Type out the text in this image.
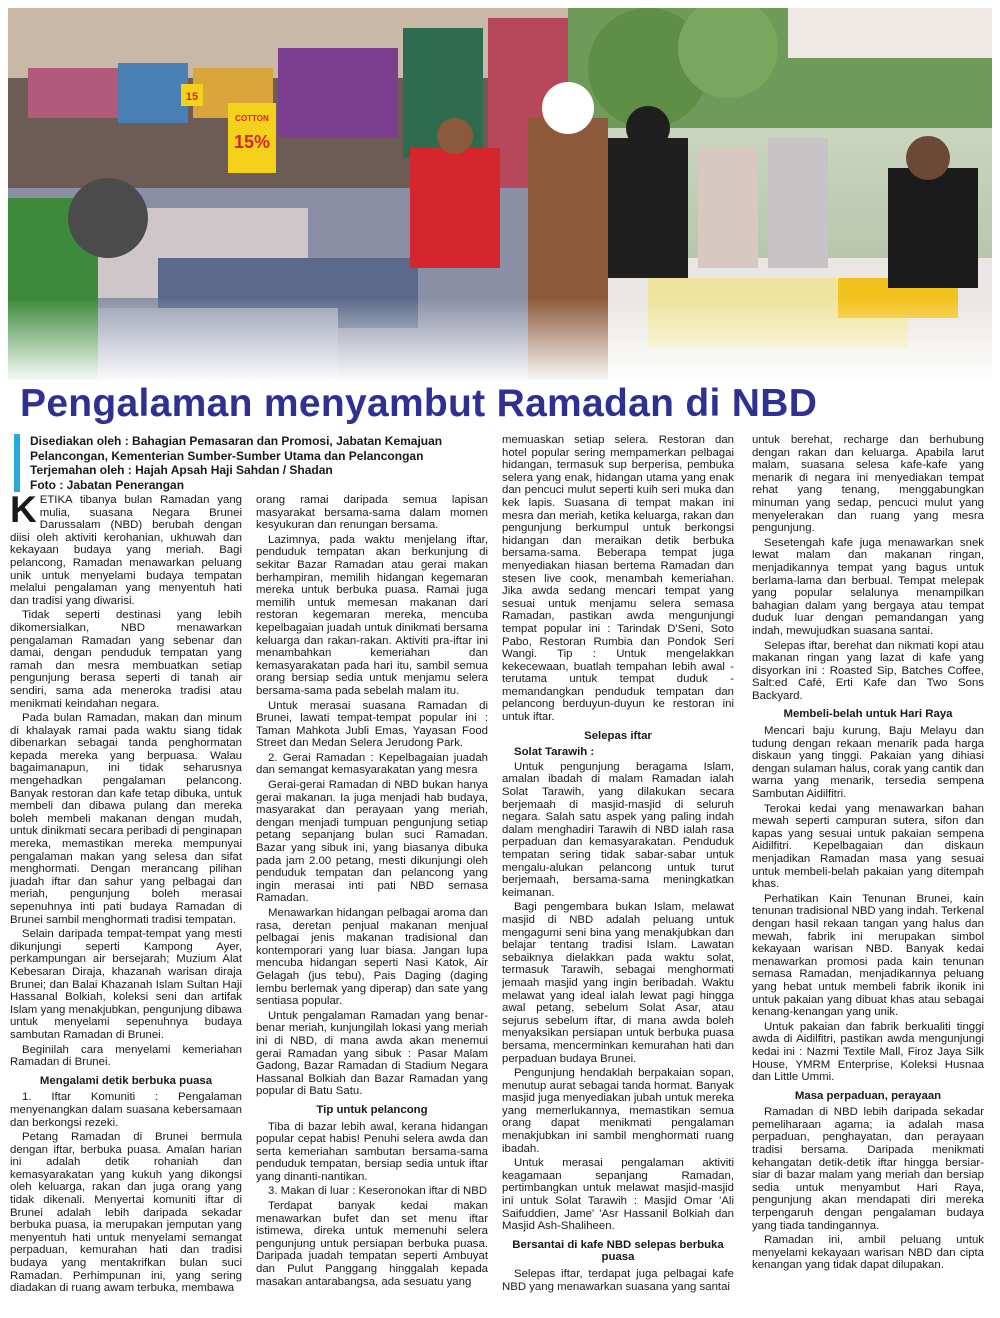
15%
COTTON
15
Pengalaman menyambut Ramadan di NBD
Disediakan oleh : Bahagian Pemasaran dan Promosi, Jabatan Kemajuan
Pelancongan, Kementerian Sumber-Sumber Utama dan Pelancongan
Terjemahan oleh : Hajah Apsah Haji Sahdan / Shadan
Foto : Jabatan Penerangan

KETIKA tibanya bulan Ramadan yang mulia, suasana Negara Brunei Darussalam (NBD) berubah dengan diisi oleh aktiviti kerohanian, ukhuwah dan kekayaan budaya yang meriah. Bagi pelancong, Ramadan menawarkan peluang unik untuk menyelami budaya tempatan melalui pengalaman yang menyentuh hati dan tradisi yang diwarisi.

Tidak seperti destinasi yang lebih dikomersialkan, NBD menawarkan pengalaman Ramadan yang sebenar dan damai, dengan penduduk tempatan yang ramah dan mesra membuatkan setiap pengunjung berasa seperti di tanah air sendiri, sama ada meneroka tradisi atau menikmati keindahan negara.

Pada bulan Ramadan, makan dan minum di khalayak ramai pada waktu siang tidak dibenarkan sebagai tanda penghormatan kepada mereka yang berpuasa. Walau bagaimanapun, ini tidak seharusnya mengehadkan pengalaman pelancong. Banyak restoran dan kafe tetap dibuka, untuk membeli dan dibawa pulang dan mereka boleh membeli makanan dengan mudah, untuk dinikmati secara peribadi di penginapan mereka, memastikan mereka mempunyai pengalaman makan yang selesa dan sifat menghormati. Dengan merancang pilihan juadah iftar dan sahur yang pelbagai dan meriah, pengunjung boleh merasai sepenuhnya inti pati budaya Ramadan di Brunei sambil menghormati tradisi tempatan.

Selain daripada tempat-tempat yang mesti dikunjungi seperti Kampong Ayer, perkampungan air bersejarah; Muzium Alat Kebesaran Diraja, khazanah warisan diraja Brunei; dan Balai Khazanah Islam Sultan Haji Hassanal Bolkiah, koleksi seni dan artifak Islam yang menakjubkan, pengunjung dibawa untuk menyelami sepenuhnya budaya sambutan Ramadan di Brunei.

Beginilah cara menyelami kemeriahan Ramadan di Brunei.

Mengalami detik berbuka puasa

1. Iftar Komuniti : Pengalaman menyenangkan dalam suasana kebersamaan dan berkongsi rezeki.

Petang Ramadan di Brunei bermula dengan iftar, berbuka puasa. Amalan harian ini adalah detik rohaniah dan kemasyarakatan yang kukuh yang dikongsi oleh keluarga, rakan dan juga orang yang tidak dikenali. Menyertai komuniti iftar di Brunei adalah lebih daripada sekadar berbuka puasa, ia merupakan jemputan yang menyentuh hati untuk menyelami semangat perpaduan, kemurahan hati dan tradisi budaya yang mentakrifkan bulan suci Ramadan. Perhimpunan ini, yang sering diadakan di ruang awam terbuka, membawa

orang ramai daripada semua lapisan masyarakat bersama-sama dalam momen kesyukuran dan renungan bersama.

Lazimnya, pada waktu menjelang iftar, penduduk tempatan akan berkunjung di sekitar Bazar Ramadan atau gerai makan berhampiran, memilih hidangan kegemaran mereka untuk berbuka puasa. Ramai juga memilih untuk memesan makanan dari restoran kegemaran mereka, mencuba kepelbagaian juadah untuk dinikmati bersama keluarga dan rakan-rakan. Aktiviti pra-iftar ini menambahkan kemeriahan dan kemasyarakatan pada hari itu, sambil semua orang bersiap sedia untuk menjamu selera bersama-sama pada sebelah malam itu.

Untuk merasai suasana Ramadan di Brunei, lawati tempat-tempat popular ini : Taman Mahkota Jubli Emas, Yayasan Food Street dan Medan Selera Jerudong Park.

2. Gerai Ramadan : Kepelbagaian juadah dan semangat kemasyarakatan yang mesra

Gerai-gerai Ramadan di NBD bukan hanya gerai makanan. Ia juga menjadi hab budaya, masyarakat dan perayaan yang meriah, dengan menjadi tumpuan pengunjung setiap petang sepanjang bulan suci Ramadan. Bazar yang sibuk ini, yang biasanya dibuka pada jam 2.00 petang, mesti dikunjungi oleh penduduk tempatan dan pelancong yang ingin merasai inti pati NBD semasa Ramadan.

Menawarkan hidangan pelbagai aroma dan rasa, deretan penjual makanan menjual pelbagai jenis makanan tradisional dan kontemporari yang luar biasa. Jangan lupa mencuba hidangan seperti Nasi Katok, Air Gelagah (jus tebu), Pais Daging (daging lembu berlemak yang diperap) dan sate yang sentiasa popular.

Untuk pengalaman Ramadan yang benar-benar meriah, kunjungilah lokasi yang meriah ini di NBD, di mana awda akan menemui gerai Ramadan yang sibuk : Pasar Malam Gadong, Bazar Ramadan di Stadium Negara Hassanal Bolkiah dan Bazar Ramadan yang popular di Batu Satu.

Tip untuk pelancong

Tiba di bazar lebih awal, kerana hidangan popular cepat habis! Penuhi selera awda dan serta kemeriahan sambutan bersama-sama penduduk tempatan, bersiap sedia untuk iftar yang dinanti-nantikan.

3. Makan di luar : Keseronokan iftar di NBD

Terdapat banyak kedai makan menawarkan bufet dan set menu iftar istimewa, direka untuk memenuhi selera pengunjung untuk persiapan berbuka puasa. Daripada juadah tempatan seperti Ambuyat dan Pulut Panggang hinggalah kepada masakan antarabangsa, ada sesuatu yang

memuaskan setiap selera. Restoran dan hotel popular sering mempamerkan pelbagai hidangan, termasuk sup berperisa, pembuka selera yang enak, hidangan utama yang enak dan pencuci mulut seperti kuih seri muka dan kek lapis. Suasana di tempat makan ini mesra dan meriah, ketika keluarga, rakan dan pengunjung berkumpul untuk berkongsi hidangan dan meraikan detik berbuka bersama-sama. Beberapa tempat juga menyediakan hiasan bertema Ramadan dan stesen live cook, menambah kemeriahan. Jika awda sedang mencari tempat yang sesuai untuk menjamu selera semasa Ramadan, pastikan awda mengunjungi tempat popular ini : Tarindak D'Seni, Soto Pabo, Restoran Rumbia dan Pondok Seri Wangi. Tip : Untuk mengelakkan kekecewaan, buatlah tempahan lebih awal - terutama untuk tempat duduk - memandangkan penduduk tempatan dan pelancong berduyun-duyun ke restoran ini untuk iftar.

Selepas iftar
Solat Tarawih :

Untuk pengunjung beragama Islam, amalan ibadah di malam Ramadan ialah Solat Tarawih, yang dilakukan secara berjemaah di masjid-masjid di seluruh negara. Salah satu aspek yang paling indah dalam menghadiri Tarawih di NBD ialah rasa perpaduan dan kemasyarakatan. Penduduk tempatan sering tidak sabar-sabar untuk mengalu-alukan pelancong untuk turut berjemaah, bersama-sama meningkatkan keimanan.

Bagi pengembara bukan Islam, melawat masjid di NBD adalah peluang untuk mengagumi seni bina yang menakjubkan dan belajar tentang tradisi Islam. Lawatan sebaiknya dielakkan pada waktu solat, termasuk Tarawih, sebagai menghormati jemaah masjid yang ingin beribadah. Waktu melawat yang ideal ialah lewat pagi hingga awal petang, sebelum Solat Asar, atau sejurus sebelum iftar, di mana awda boleh menyaksikan persiapan untuk berbuka puasa bersama, mencerminkan kemurahan hati dan perpaduan budaya Brunei.

Pengunjung hendaklah berpakaian sopan, menutup aurat sebagai tanda hormat. Banyak masjid juga menyediakan jubah untuk mereka yang memerlukannya, memastikan semua orang dapat menikmati pengalaman menakjubkan ini sambil menghormati ruang ibadah.

Untuk merasai pengalaman aktiviti keagamaan sepanjang Ramadan, pertimbangkan untuk melawat masjid-masjid ini untuk Solat Tarawih : Masjid Omar 'Ali Saifuddien, Jame' 'Asr Hassanil Bolkiah dan Masjid Ash-Shaliheen.

Bersantai di kafe NBD selepas berbuka puasa

Selepas iftar, terdapat juga pelbagai kafe NBD yang menawarkan suasana yang santai

untuk berehat, recharge dan berhubung dengan rakan dan keluarga. Apabila larut malam, suasana selesa kafe-kafe yang menarik di negara ini menyediakan tempat rehat yang tenang, menggabungkan minuman yang sedap, pencuci mulut yang menyelerakan dan ruang yang mesra pengunjung.

Sesetengah kafe juga menawarkan snek lewat malam dan makanan ringan, menjadikannya tempat yang bagus untuk berlama-lama dan berbual. Tempat melepak yang popular selalunya menampilkan bahagian dalam yang bergaya atau tempat duduk luar dengan pemandangan yang indah, mewujudkan suasana santai.

Selepas iftar, berehat dan nikmati kopi atau makanan ringan yang lazat di kafe yang disyorkan ini : Roasted Sip, Batches Coffee, Salt:ed Café, Erti Kafe dan Two Sons Backyard.

Membeli-belah untuk Hari Raya

Mencari baju kurung, Baju Melayu dan tudung dengan rekaan menarik pada harga diskaun yang tinggi. Pakaian yang dihiasi dengan sulaman halus, corak yang cantik dan warna yang menarik, tersedia sempena Sambutan Aidilfitri.

Terokai kedai yang menawarkan bahan mewah seperti campuran sutera, sifon dan kapas yang sesuai untuk pakaian sempena Aidilfitri. Kepelbagaian dan diskaun menjadikan Ramadan masa yang sesuai untuk membeli-belah pakaian yang ditempah khas.

Perhatikan Kain Tenunan Brunei, kain tenunan tradisional NBD yang indah. Terkenal dengan hasil rekaan tangan yang halus dan mewah, fabrik ini merupakan simbol kekayaan warisan NBD. Banyak kedai menawarkan promosi pada kain tenunan semasa Ramadan, menjadikannya peluang yang hebat untuk membeli fabrik ikonik ini untuk pakaian yang dibuat khas atau sebagai kenang-kenangan yang unik.

Untuk pakaian dan fabrik berkualiti tinggi awda di Aidilfitri, pastikan awda mengunjungi kedai ini : Nazmi Textile Mall, Firoz Jaya Silk House, YMRM Enterprise, Koleksi Husnaa dan Little Ummi.

Masa perpaduan, perayaan

Ramadan di NBD lebih daripada sekadar pemeliharaan agama; ia adalah masa perpaduan, penghayatan, dan perayaan tradisi bersama. Daripada menikmati kehangatan detik-detik iftar hingga bersiar-siar di bazar malam yang meriah dan bersiap sedia untuk menyambut Hari Raya, pengunjung akan mendapati diri mereka terpengaruh dengan pengalaman budaya yang tiada tandingannya.

Ramadan ini, ambil peluang untuk menyelami kekayaan warisan NBD dan cipta kenangan yang tidak dapat dilupakan.
